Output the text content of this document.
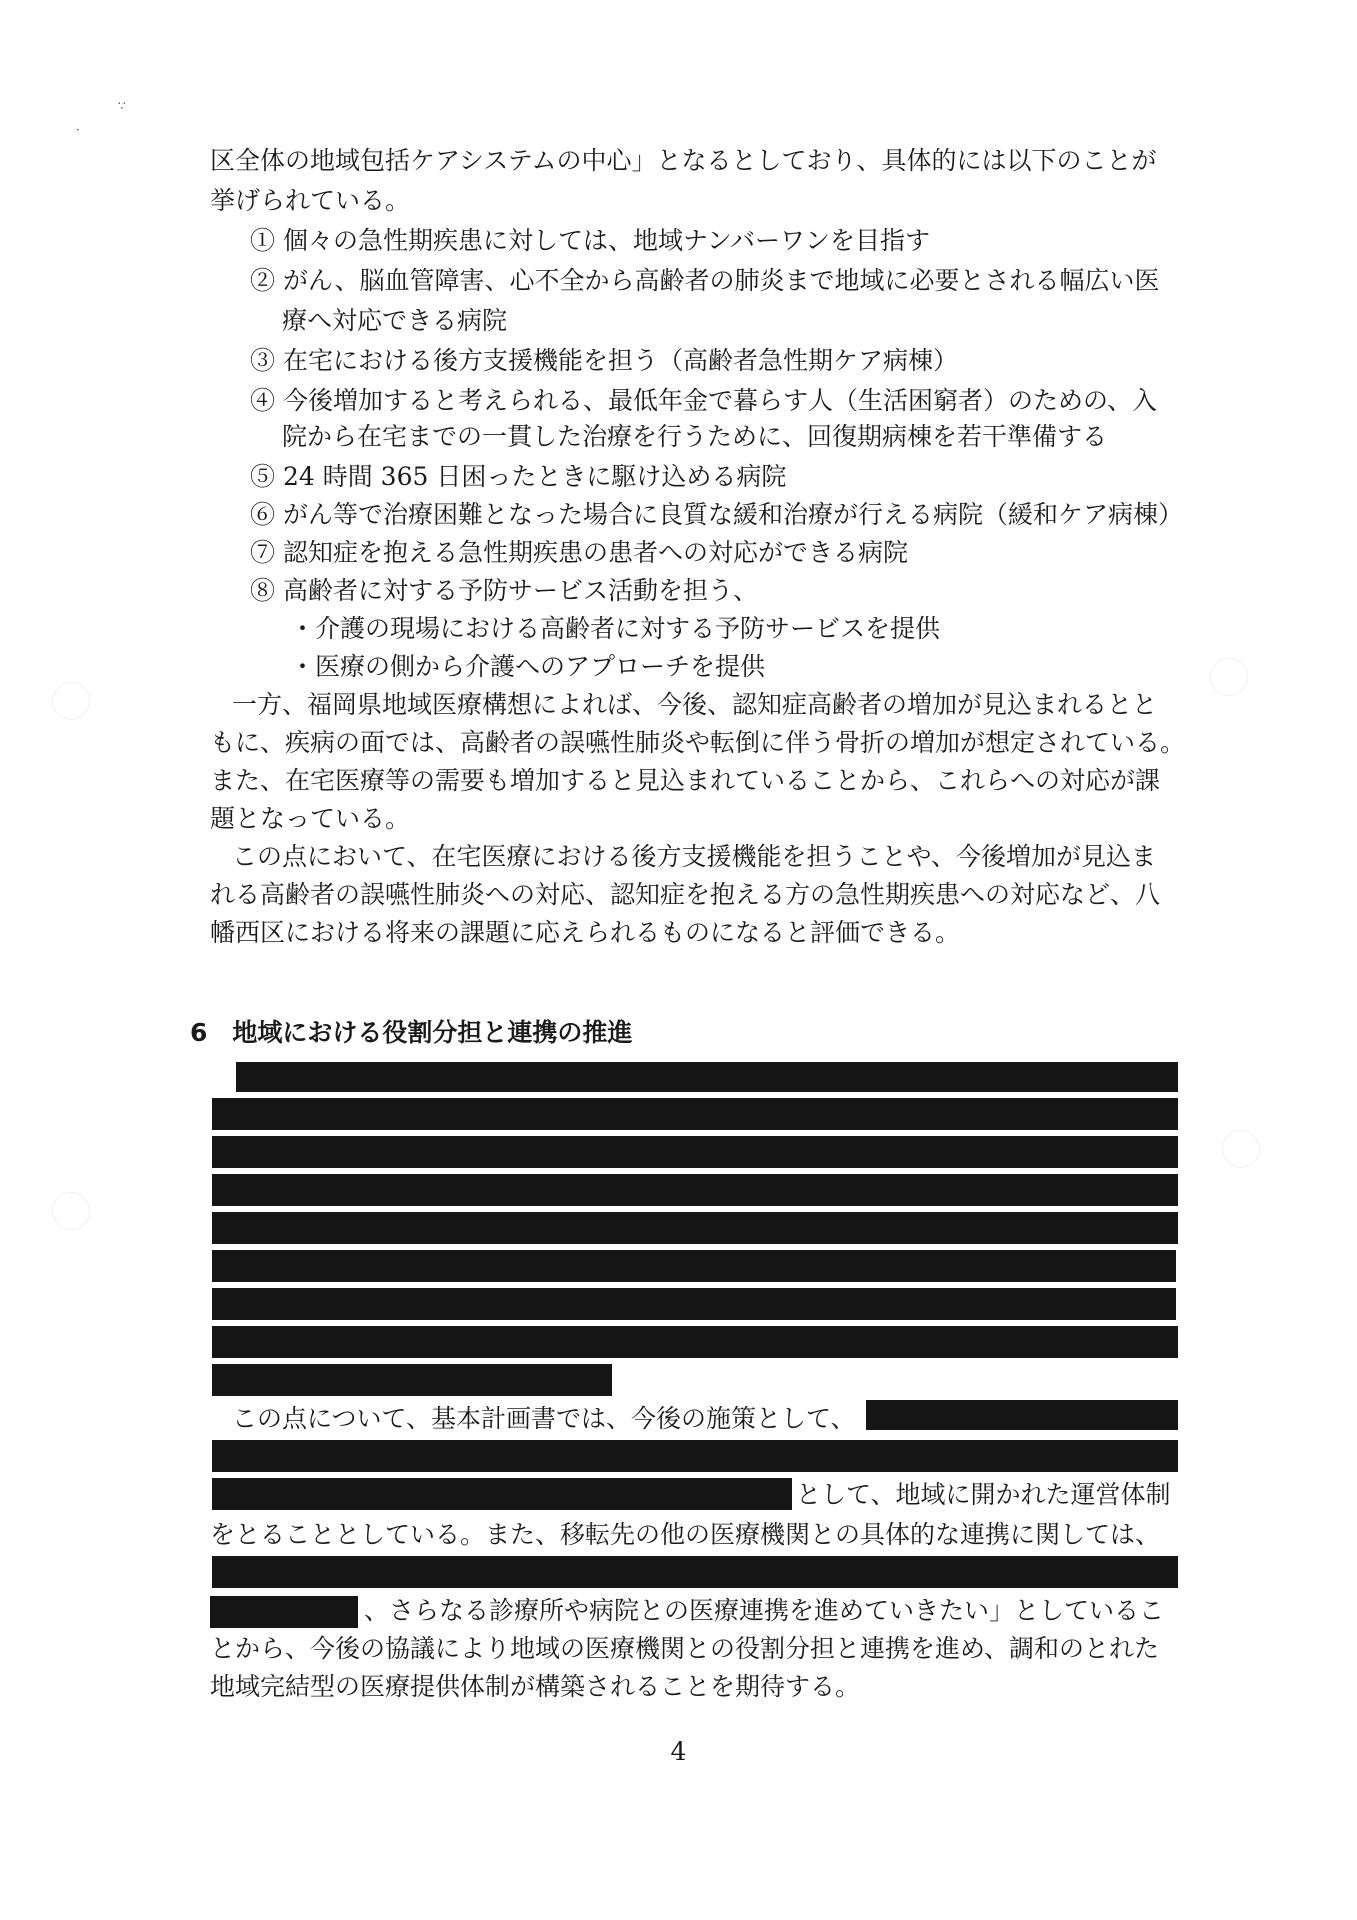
∵
·
区全体の地域包括ケアシステムの中心」となるとしており、具体的には以下のことが
挙げられている。
① 個々の急性期疾患に対しては、地域ナンバーワンを目指す
② がん、脳血管障害、心不全から高齢者の肺炎まで地域に必要とされる幅広い医
療へ対応できる病院
③ 在宅における後方支援機能を担う（高齢者急性期ケア病棟）
④ 今後増加すると考えられる、最低年金で暮らす人（生活困窮者）のための、入
院から在宅までの一貫した治療を行うために、回復期病棟を若干準備する
⑤ 24 時間 365 日困ったときに駆け込める病院
⑥ がん等で治療困難となった場合に良質な緩和治療が行える病院（緩和ケア病棟）
⑦ 認知症を抱える急性期疾患の患者への対応ができる病院
⑧ 高齢者に対する予防サービス活動を担う、
・介護の現場における高齢者に対する予防サービスを提供
・医療の側から介護へのアプローチを提供
一方、福岡県地域医療構想によれば、今後、認知症高齢者の増加が見込まれるとと
もに、疾病の面では、高齢者の誤嚥性肺炎や転倒に伴う骨折の増加が想定されている。
また、在宅医療等の需要も増加すると見込まれていることから、これらへの対応が課
題となっている。
この点において、在宅医療における後方支援機能を担うことや、今後増加が見込ま
れる高齢者の誤嚥性肺炎への対応、認知症を抱える方の急性期疾患への対応など、八
幡西区における将来の課題に応えられるものになると評価できる。
6　地域における役割分担と連携の推進
この点について、基本計画書では、今後の施策として、
として、地域に開かれた運営体制
をとることとしている。また、移転先の他の医療機関との具体的な連携に関しては、
、さらなる診療所や病院との医療連携を進めていきたい」としているこ
とから、今後の協議により地域の医療機関との役割分担と連携を進め、調和のとれた
地域完結型の医療提供体制が構築されることを期待する。
4
